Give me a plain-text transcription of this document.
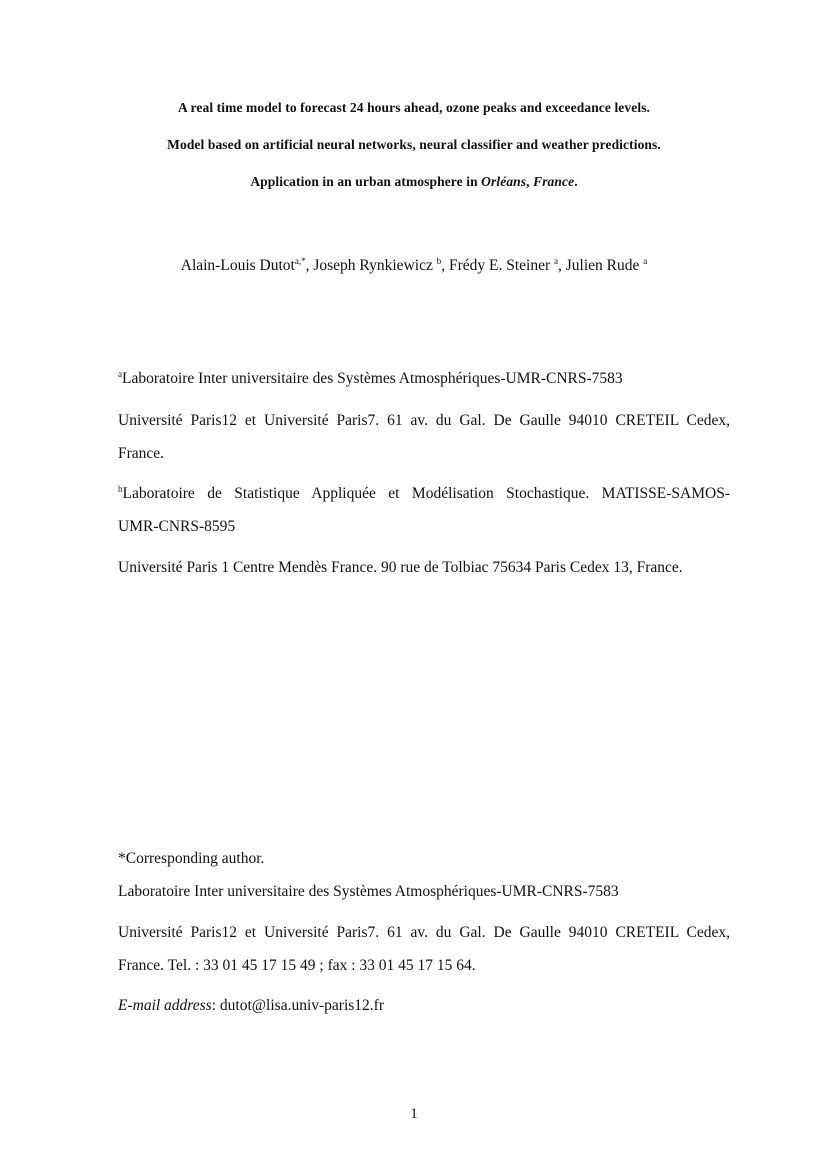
A real time model to forecast 24 hours ahead, ozone peaks and exceedance levels.
Model based on artificial neural networks, neural classifier and weather predictions.
Application in an urban atmosphere in Orléans, France.
Alain-Louis Dutot$^{a,*}$, Joseph Rynkiewicz $^b$, Frédy E. Steiner $^a$, Julien Rude $^a$
$^a$Laboratoire Inter universitaire des Systèmes Atmosphériques-UMR-CNRS-7583
Université Paris12 et Université Paris7. 61 av. du Gal. De Gaulle 94010 CRETEIL Cedex,
France.
$^b$Laboratoire de Statistique Appliquée et Modélisation Stochastique. MATISSE-SAMOS-
UMR-CNRS-8595
Université Paris 1 Centre Mendès France. 90 rue de Tolbiac 75634 Paris Cedex 13, France.
*Corresponding author.
Laboratoire Inter universitaire des Systèmes Atmosphériques-UMR-CNRS-7583
Université Paris12 et Université Paris7. 61 av. du Gal. De Gaulle 94010 CRETEIL Cedex,
France. Tel. : 33 01 45 17 15 49 ; fax : 33 01 45 17 15 64.
E-mail address: dutot@lisa.univ-paris12.fr
1
